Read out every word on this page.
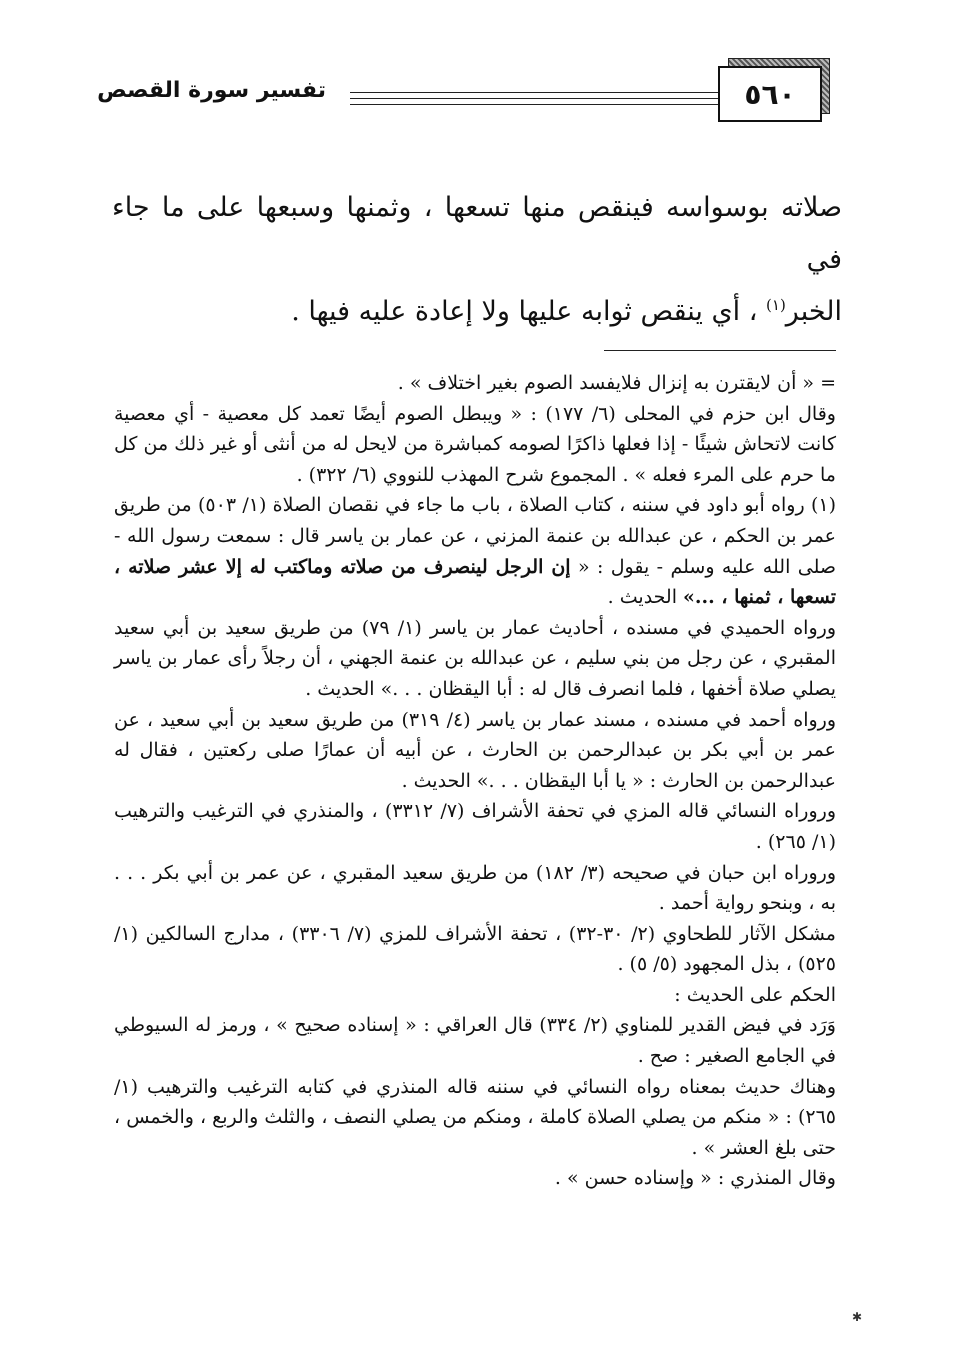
٥٦٠
تفسير سورة القصص

صلاته بوسواسه فينقص منها تسعها ، وثمنها وسبعها على ما جاء في

الخبر$^{(١)}$ ، أي ينقص ثوابه عليها ولا إعادة عليه فيها .

= « أن لايقترن به إنزال فلايفسد الصوم بغير اختلاف » .

وقال ابن حزم في المحلى (٦/ ١٧٧) : « ويبطل الصوم أيضًا تعمد كل معصية - أي معصية كانت لاتحاش شيئًا - إذا فعلها ذاكرًا لصومه كمباشرة من لايحل له من أنثى أو غير ذلك من كل ما حرم على المرء فعله » . المجموع شرح المهذب للنووي (٦/ ٣٢٢) .

(١) رواه أبو داود في سننه ، كتاب الصلاة ، باب ما جاء في نقصان الصلاة (١/ ٥٠٣) من طريق عمر بن الحكم ، عن عبدالله بن عنمة المزني ، عن عمار بن ياسر قال : سمعت رسول الله - صلى الله عليه وسلم - يقول : « إن الرجل لينصرف من صلاته وماكتب له إلا عشر صلاته ، تسعها ، ثمنها ، ...» الحديث .

ورواه الحميدي في مسنده ، أحاديث عمار بن ياسر (١/ ٧٩) من طريق سعيد بن أبي سعيد المقبري ، عن رجل من بني سليم ، عن عبدالله بن عنمة الجهني ، أن رجلاً رأى عمار بن ياسر يصلي صلاة أخفها ، فلما انصرف قال له : أبا اليقظان . . .» الحديث .

ورواه أحمد في مسنده ، مسند عمار بن ياسر (٤/ ٣١٩) من طريق سعيد بن أبي سعيد ، عن عمر بن أبي بكر بن عبدالرحمن بن الحارث ، عن أبيه أن عمارًا صلى ركعتين ، فقال له عبدالرحمن بن الحارث : « يا أبا اليقظان . . .» الحديث .

وروراه النسائي قاله المزي في تحفة الأشراف (٧/ ٣٣١٢) ، والمنذري في الترغيب والترهيب (١/ ٢٦٥) .

وروراه ابن حبان في صحيحه (٣/ ١٨٢) من طريق سعيد المقبري ، عن عمر بن أبي بكر . . . به ، وبنحو رواية أحمد .

مشكل الآثار للطحاوي (٢/ ٣٠-٣٢) ، تحفة الأشراف للمزي (٧/ ٣٣٠٦) ، مدارج السالكين (١/ ٥٢٥) ، بذل المجهود (٥/ ٥) .

الحكم على الحديث :

وَرَد في فيض القدير للمناوي (٢/ ٣٣٤) قال العراقي : « إسناده صحيح » ، ورمز له السيوطي في الجامع الصغير : صح .

وهناك حديث بمعناه رواه النسائي في سننه قاله المنذري في كتابه الترغيب والترهيب (١/ ٢٦٥) : « منكم من يصلي الصلاة كاملة ، ومنكم من يصلي النصف ، والثلث والربع ، والخمس ، حتى بلغ العشر » .

وقال المنذري : « وإسناده حسن » .

✱
